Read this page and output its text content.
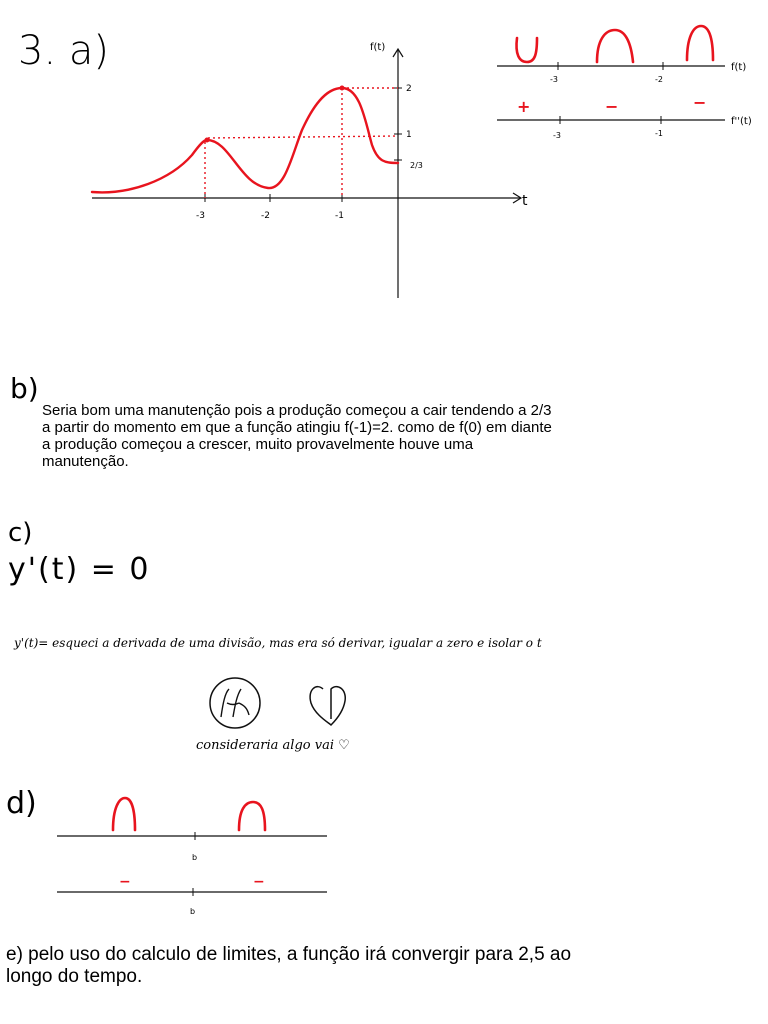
3. a)	f(t)
t
-3	-2	-1
2
1
2/3
-3	-2
f(t)
+	−	−
-3	-1
f''(t)
b)
Seria bom uma manutenção pois a produção começou a cair tendendo a 2/3
a partir do momento em que a função atingiu f(-1)=2. como de f(0) em diante
a produção começou a crescer, muito provavelmente houve uma
manutenção.
c)
y'(t) = 0
y'(t)= esqueci a derivada de uma divisão, mas era só derivar, igualar a zero e isolar o t
consideraria algo vai ♡
d)
b
−	−
b
e) pelo uso do calculo de limites, a função irá convergir para 2,5 ao
longo do tempo.
